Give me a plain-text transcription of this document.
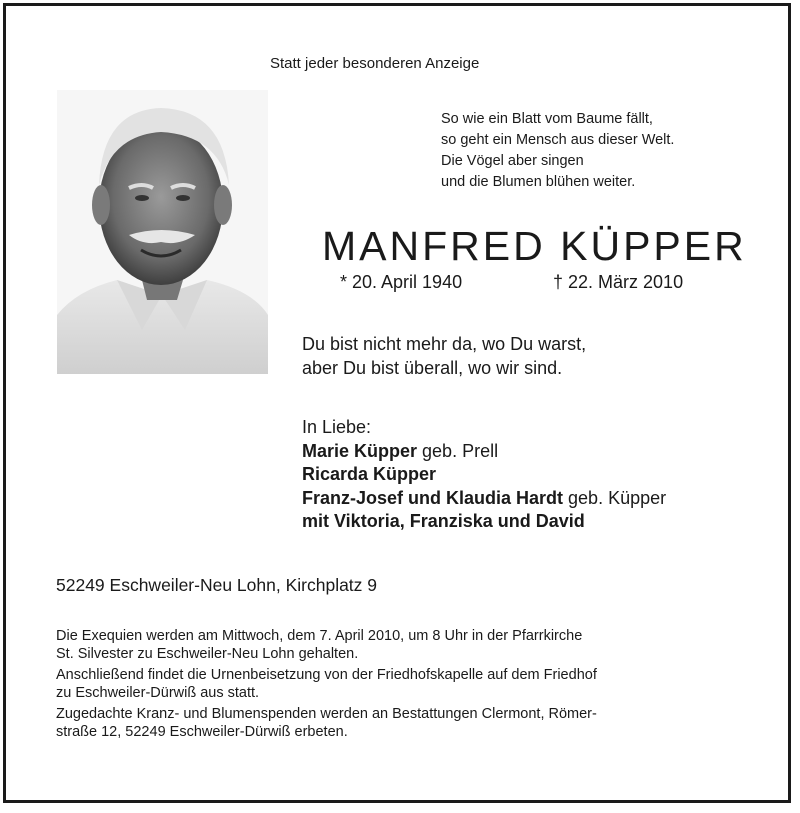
Statt jeder besonderen Anzeige
So wie ein Blatt vom Baume fällt,
so geht ein Mensch aus dieser Welt.
Die Vögel aber singen
und die Blumen blühen weiter.
MANFRED KÜPPER
* 20. April 1940	† 22. März 2010
Du bist nicht mehr da, wo Du warst,
aber Du bist überall, wo wir sind.
In Liebe:
Marie Küpper geb. Prell
Ricarda Küpper
Franz-Josef und Klaudia Hardt geb. Küpper
mit Viktoria, Franziska und David
52249 Eschweiler-Neu Lohn, Kirchplatz 9

Die Exequien werden am Mittwoch, dem 7. April 2010, um 8 Uhr in der Pfarrkirche
St. Silvester zu Eschweiler-Neu Lohn gehalten.

Anschließend findet die Urnenbeisetzung von der Friedhofskapelle auf dem Friedhof
zu Eschweiler-Dürwiß aus statt.

Zugedachte Kranz- und Blumenspenden werden an Bestattungen Clermont, Römer-
straße 12, 52249 Eschweiler-Dürwiß erbeten.
